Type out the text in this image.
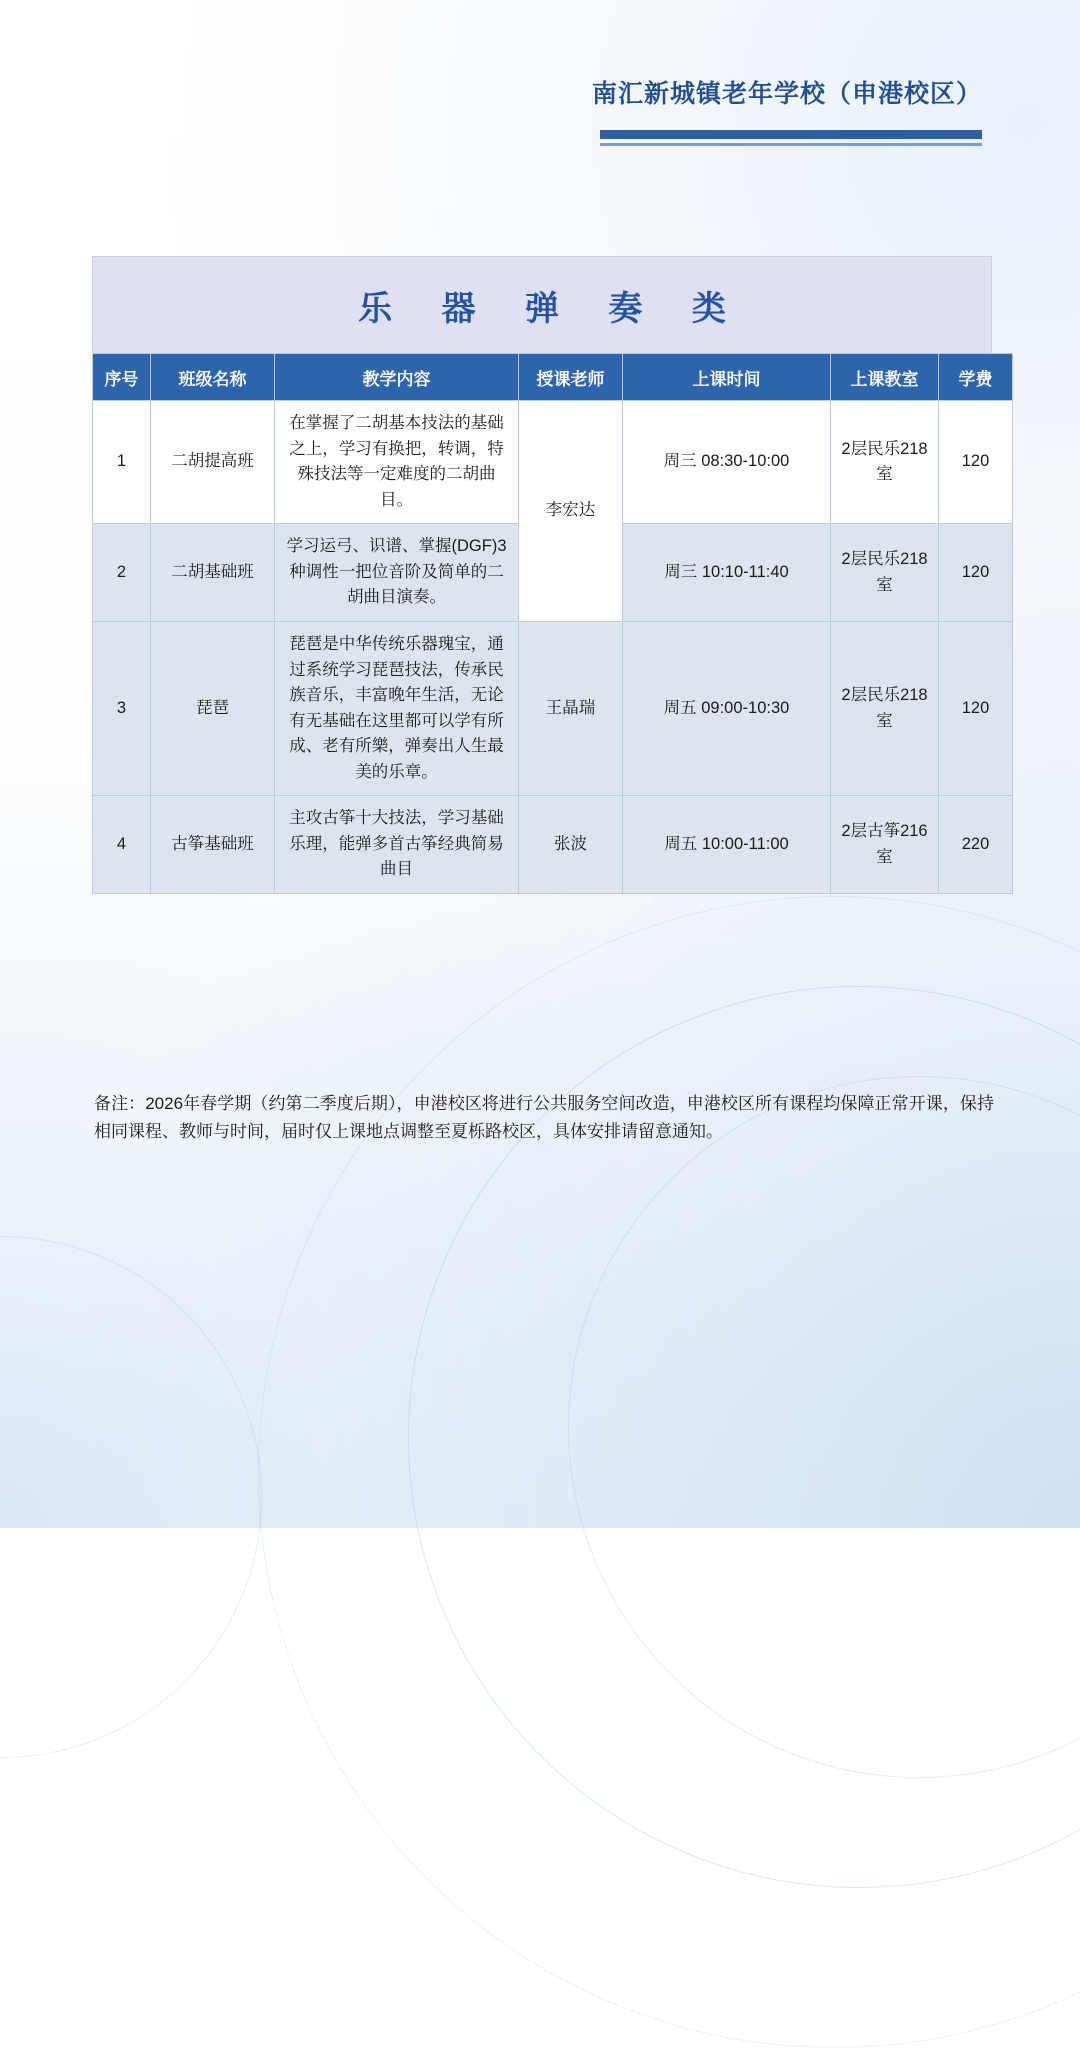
南汇新城镇老年学校（申港校区）
乐 器 弹 奏 类
序号	班级名称	教学内容	授课老师	上课时间	上课教室	学费
1	二胡提高班	在掌握了二胡基本技法的基础之上，学习有换把，转调，特殊技法等一定难度的二胡曲目。	李宏达	周三 08:30-10:00	2层民乐218室	120
2	二胡基础班	学习运弓、识谱、掌握(DGF)3种调性一把位音阶及简单的二胡曲目演奏。		周三 10:10-11:40	2层民乐218室	120
3	琵琶	琵琶是中华传统乐器瑰宝，通过系统学习琵琶技法，传承民族音乐，丰富晚年生活，无论有无基础在这里都可以学有所成、老有所樂，弹奏出人生最美的乐章。	王晶瑞	周五 09:00-10:30	2层民乐218室	120
4	古筝基础班	主攻古筝十大技法，学习基础乐理，能弹多首古筝经典简易曲目	张波	周五 10:00-11:00	2层古筝216室	220
备注：2026年春学期（约第二季度后期），申港校区将进行公共服务空间改造，申港校区所有课程均保障正常开课，保持相同课程、教师与时间，届时仅上课地点调整至夏栎路校区，具体安排请留意通知。
